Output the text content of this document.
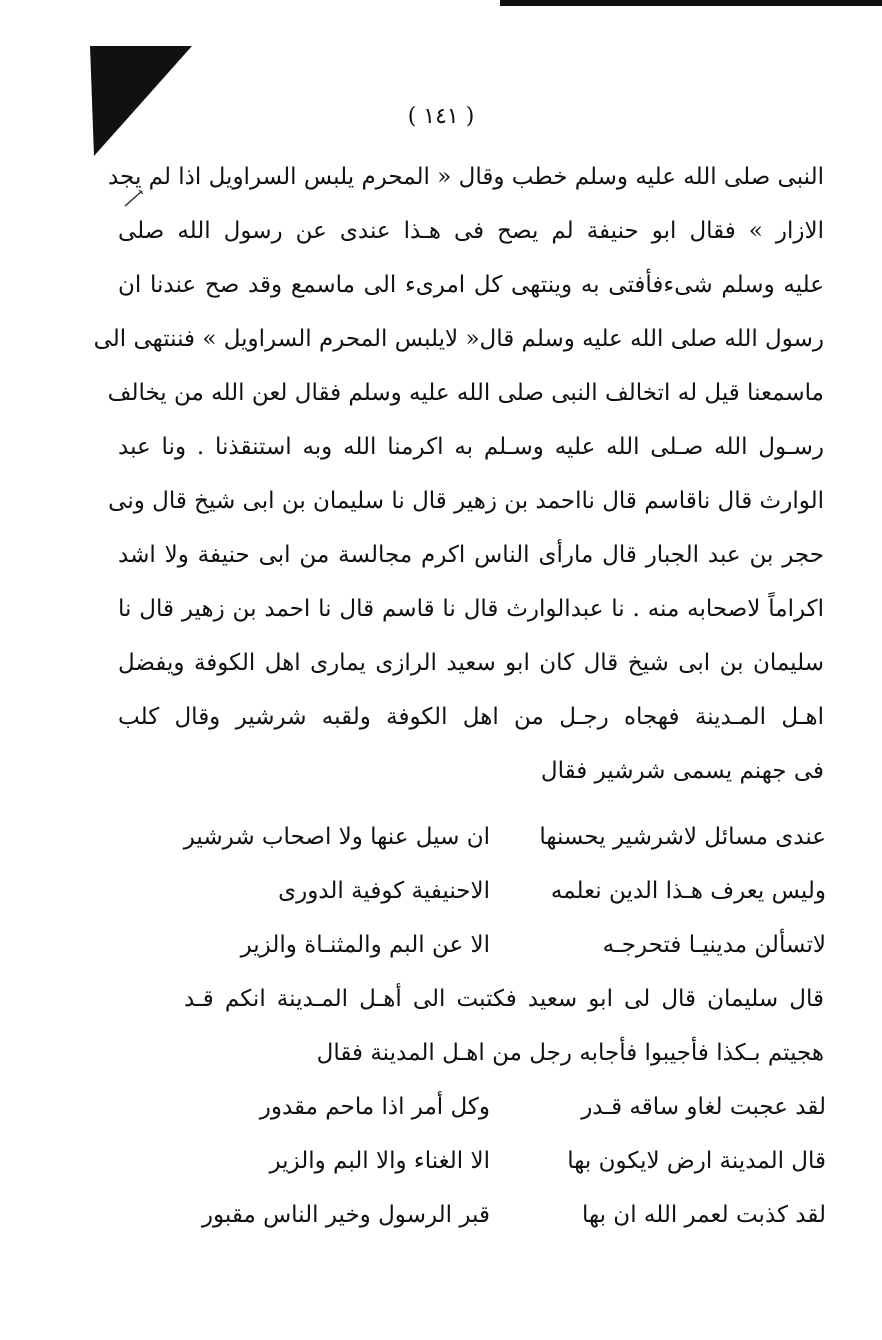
( ١٤١ )
النبى صلى الله عليه وسلم خطب وقال « المحرم يلبس السراويل اذا لم يجد
الازار » فقال ابو حنيفة لم يصح فى هـذا عندى عن رسول الله صلى
عليه وسلم شىءفأفتى به وينتهى كل امرىء الى ماسمع وقد صح عندنا ان
رسول الله صلى الله عليه وسلم قال« لايلبس المحرم السراويل » فننتهى الى
ماسمعنا قيل له اتخالف النبى صلى الله عليه وسلم فقال لعن الله من يخالف
رسـول الله صـلى الله عليه وسـلم به اكرمنا الله وبه استنقذنا . ونا عبد
الوارث قال ناقاسم قال نااحمد بن زهير قال نا سليمان بن ابى شيخ قال ونى
حجر بن عبد الجبار قال مارأى الناس اكرم مجالسة من ابى حنيفة ولا اشد
اكراماً لاصحابه منه . نا عبدالوارث قال نا قاسم قال نا احمد بن زهير قال نا
سليمان بن ابى شيخ قال كان ابو سعيد الرازى يمارى اهل الكوفة ويفضل
اهـل المـدينة فهجاه رجـل من اهل الكوفة ولقبه شرشير وقال كلب
فى جهنم يسمى شرشير فقال
عندى مسائل لاشرشير يحسنها
ان سيل عنها ولا اصحاب شرشير
وليس يعرف هـذا الدين نعلمه
الاحنيفية كوفية الدورى
لاتسألن مدينيـا فتحرجـه
الا عن البم والمثنـاة والزير
قال سليمان قال لى ابو سعيد فكتبت الى أهـل المـدينة انكم قـد
هجيتم بـكذا فأجيبوا فأجابه رجل من اهـل المدينة فقال
لقد عجبت لغاو ساقه قـدر
وكل أمر اذا ماحم مقدور
قال المدينة ارض لايكون بها
الا الغناء والا البم والزير
لقد كذبت لعمر الله ان بها
قبر الرسول وخير الناس مقبور
